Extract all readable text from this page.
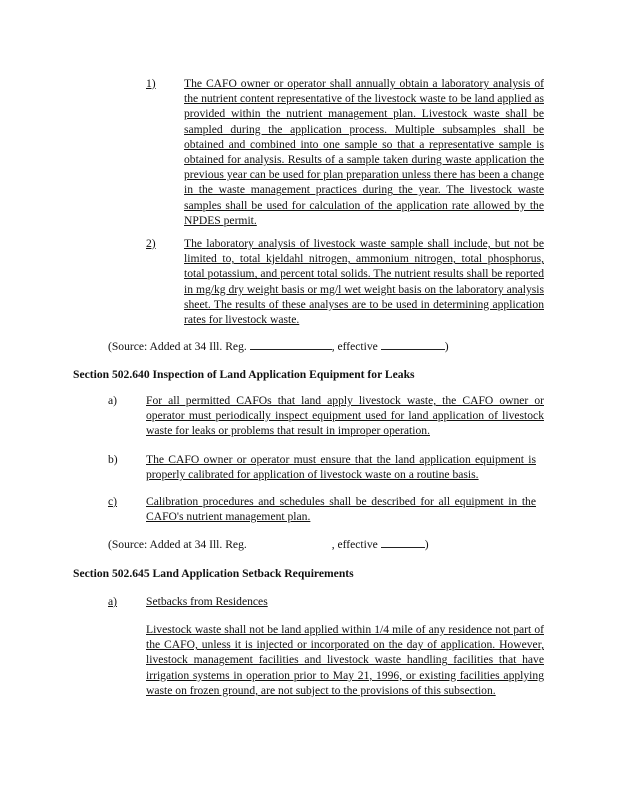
1) The CAFO owner or operator shall annually obtain a laboratory analysis of the nutrient content representative of the livestock waste to be land applied as provided within the nutrient management plan. Livestock waste shall be sampled during the application process. Multiple subsamples shall be obtained and combined into one sample so that a representative sample is obtained for analysis. Results of a sample taken during waste application the previous year can be used for plan preparation unless there has been a change in the waste management practices during the year. The livestock waste samples shall be used for calculation of the application rate allowed by the NPDES permit.
2) The laboratory analysis of livestock waste sample shall include, but not be limited to, total kjeldahl nitrogen, ammonium nitrogen, total phosphorus, total potassium, and percent total solids. The nutrient results shall be reported in mg/kg dry weight basis or mg/l wet weight basis on the laboratory analysis sheet. The results of these analyses are to be used in determining application rates for livestock waste.
(Source: Added at 34 Ill. Reg.	, effective	)
Section 502.640 Inspection of Land Application Equipment for Leaks
a) For all permitted CAFOs that land apply livestock waste, the CAFO owner or operator must periodically inspect equipment used for land application of livestock waste for leaks or problems that result in improper operation.
b) The CAFO owner or operator must ensure that the land application equipment is properly calibrated for application of livestock waste on a routine basis.
c) Calibration procedures and schedules shall be described for all equipment in the CAFO's nutrient management plan.
(Source: Added at 34 Ill. Reg.	, effective	)
Section 502.645 Land Application Setback Requirements
a) Setbacks from Residences
Livestock waste shall not be land applied within 1/4 mile of any residence not part of the CAFO, unless it is injected or incorporated on the day of application. However, livestock management facilities and livestock waste handling facilities that have irrigation systems in operation prior to May 21, 1996, or existing facilities applying waste on frozen ground, are not subject to the provisions of this subsection.
